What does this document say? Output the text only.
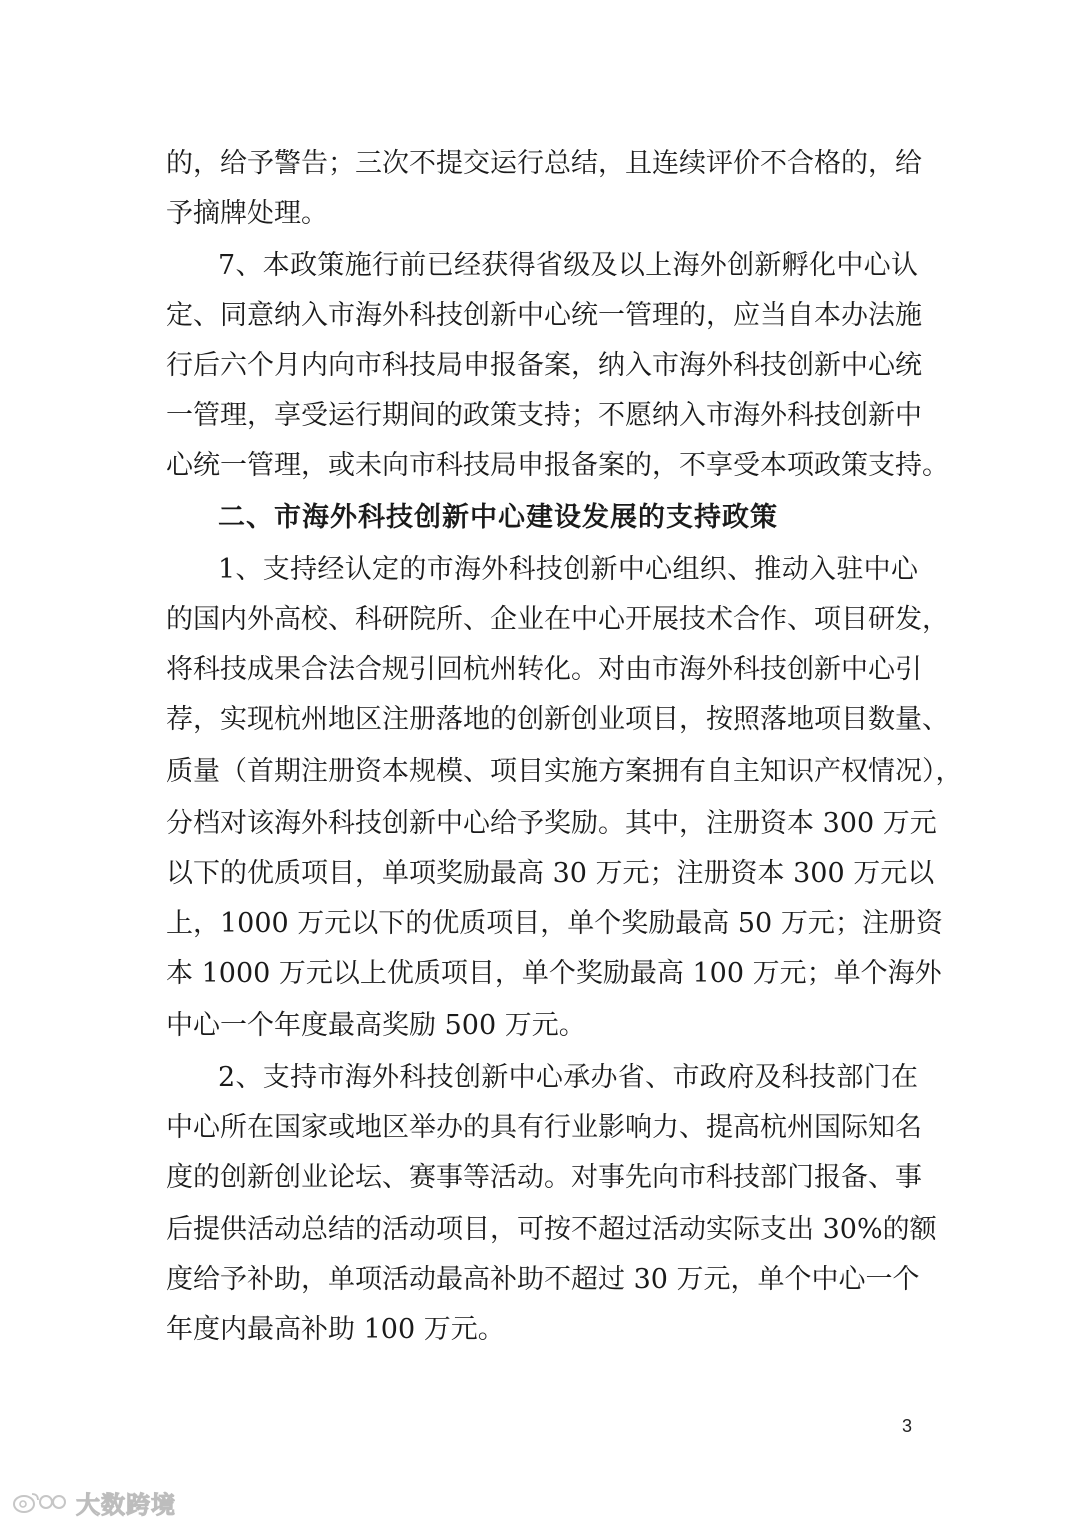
的，给予警告；三次不提交运行总结，且连续评价不合格的，给
予摘牌处理。
7、本政策施行前已经获得省级及以上海外创新孵化中心认
定、同意纳入市海外科技创新中心统一管理的，应当自本办法施
行后六个月内向市科技局申报备案，纳入市海外科技创新中心统
一管理，享受运行期间的政策支持；不愿纳入市海外科技创新中
心统一管理，或未向市科技局申报备案的，不享受本项政策支持。
二、市海外科技创新中心建设发展的支持政策
1、支持经认定的市海外科技创新中心组织、推动入驻中心
的国内外高校、科研院所、企业在中心开展技术合作、项目研发，
将科技成果合法合规引回杭州转化。对由市海外科技创新中心引
荐，实现杭州地区注册落地的创新创业项目，按照落地项目数量、
质量（首期注册资本规模、项目实施方案拥有自主知识产权情况），
分档对该海外科技创新中心给予奖励。其中，注册资本 300 万元
以下的优质项目，单项奖励最高 30 万元；注册资本 300 万元以
上，1000 万元以下的优质项目，单个奖励最高 50 万元；注册资
本 1000 万元以上优质项目，单个奖励最高 100 万元；单个海外
中心一个年度最高奖励 500 万元。
2、支持市海外科技创新中心承办省、市政府及科技部门在
中心所在国家或地区举办的具有行业影响力、提高杭州国际知名
度的创新创业论坛、赛事等活动。对事先向市科技部门报备、事
后提供活动总结的活动项目，可按不超过活动实际支出 30%的额
度给予补助，单项活动最高补助不超过 30 万元，单个中心一个
年度内最高补助 100 万元。
3
大数跨境
